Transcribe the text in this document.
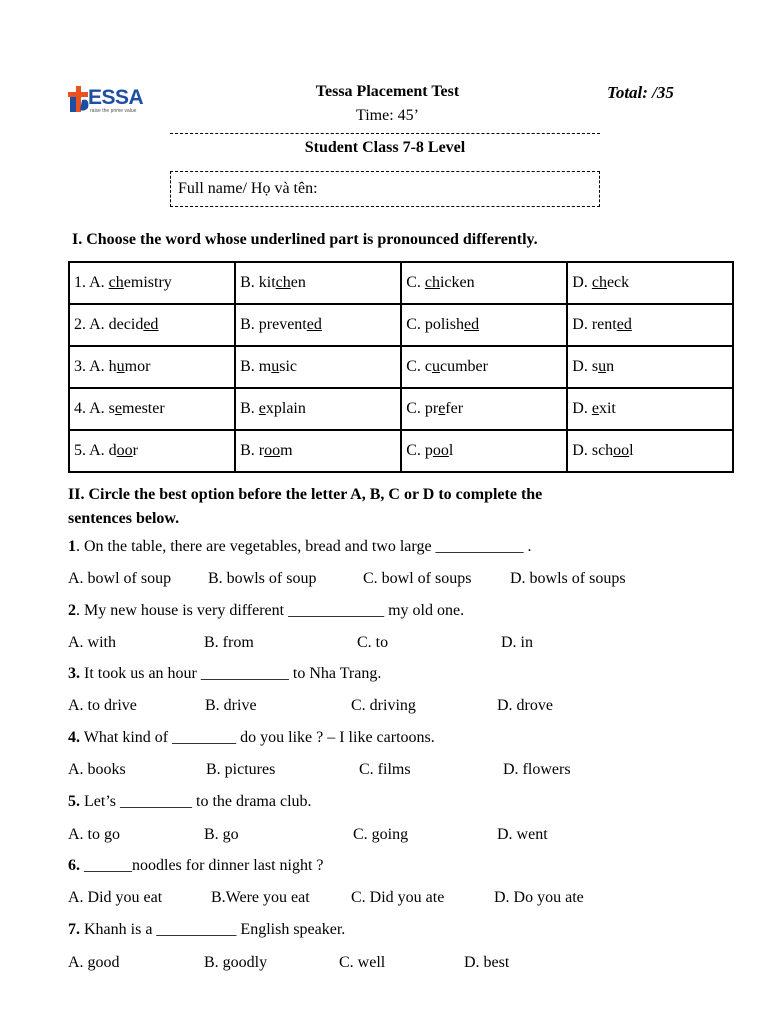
ESSA
raise the prime value
Tessa Placement Test
Time: 45’
Total: /35
Student Class 7-8 Level
Full name/ Họ và tên:
I. Choose the word whose underlined part is pronounced differently.
1. A. chemistry	B. kitchen	C. chicken	D. check
2. A. decided	B. prevented	C. polished	D. rented
3. A. humor	B. music	C. cucumber	D. sun
4. A. semester	B. explain	C. prefer	D. exit
5. A. door	B. room	C. pool	D. school
II. Circle the best option before the letter A, B, C or D to complete the
sentences below.
1. On the table, there are vegetables, bread and two large ___________ .
A. bowl of soup B. bowls of soup	C. bowl of soups D. bowls of soups
2. My new house is very different ____________ my old one.
A. with	B. from	C. to	D. in
3. It took us an hour ___________ to Nha Trang.
A. to drive	B. drive	C. driving	D. drove
4. What kind of ________ do you like ? – I like cartoons.
A. books	B. pictures	C. films	D. flowers
5. Let’s _________ to the drama club.
A. to go	B. go	C. going	D. went
6. ______noodles for dinner last night ?
A. Did you eat	B.Were you eat	C. Did you ate	D. Do you ate
7. Khanh is a __________ English speaker.
A. good	B. goodly	C. well	D. best
